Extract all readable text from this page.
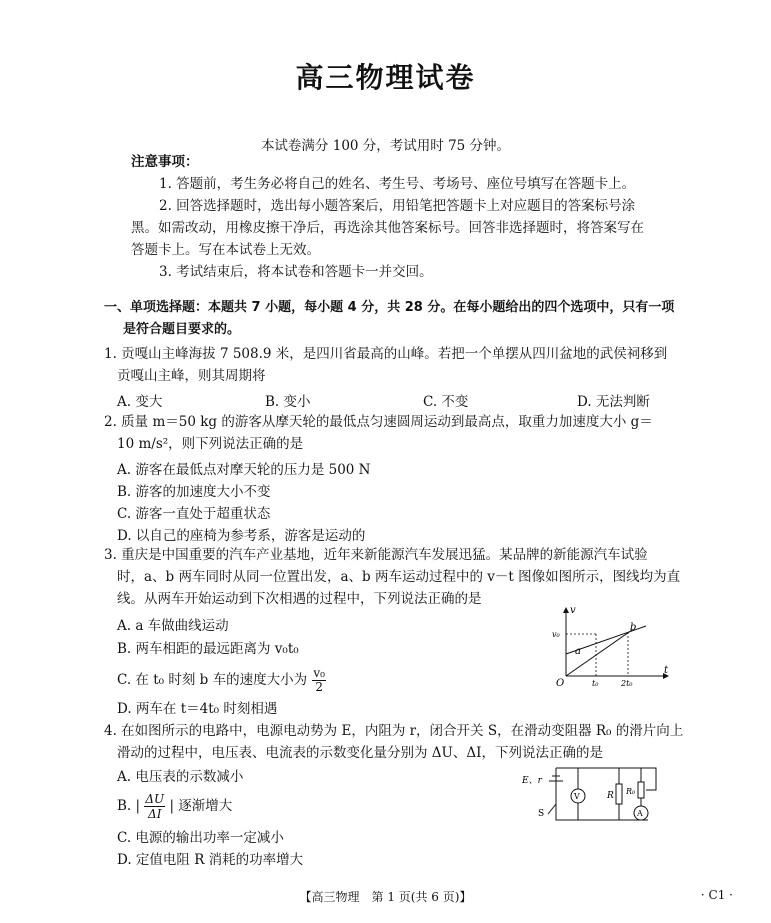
高三物理试卷
本试卷满分 100 分，考试用时 75 分钟。
注意事项：
1. 答题前，考生务必将自己的姓名、考生号、考场号、座位号填写在答题卡上。
2. 回答选择题时，选出每小题答案后，用铅笔把答题卡上对应题目的答案标号涂
黑。如需改动，用橡皮擦干净后，再选涂其他答案标号。回答非选择题时，将答案写在
答题卡上。写在本试卷上无效。
3. 考试结束后，将本试卷和答题卡一并交回。
一、单项选择题：本题共 7 小题，每小题 4 分，共 28 分。在每小题给出的四个选项中，只有一项
是符合题目要求的。
1. 贡嘎山主峰海拔 7 508.9 米，是四川省最高的山峰。若把一个单摆从四川盆地的武侯祠移到
贡嘎山主峰，则其周期将
A. 变大	B. 变小	C. 不变	D. 无法判断
2. 质量 m＝50 kg 的游客从摩天轮的最低点匀速圆周运动到最高点，取重力加速度大小 g＝
10 m/s²，则下列说法正确的是
A. 游客在最低点对摩天轮的压力是 500 N
B. 游客的加速度大小不变
C. 游客一直处于超重状态
D. 以自己的座椅为参考系，游客是运动的
3. 重庆是中国重要的汽车产业基地，近年来新能源汽车发展迅猛。某品牌的新能源汽车试验
时，a、b 两车同时从同一位置出发，a、b 两车运动过程中的 v－t 图像如图所示，图线均为直
线。从两车开始运动到下次相遇的过程中，下列说法正确的是
A. a 车做曲线运动
B. 两车相距的最远距离为 v₀t₀
C. 在 t₀ 时刻 b 车的速度大小为 $\frac{\text{v₀}}{2}$
D. 两车在 t＝4t₀ 时刻相遇
v
t
O
v₀
t₀	2t₀
a
b
4. 在如图所示的电路中，电源电动势为 E，内阻为 r，闭合开关 S，在滑动变阻器 R₀ 的滑片向上
滑动的过程中，电压表、电流表的示数变化量分别为 ΔU、ΔI，下列说法正确的是
A. 电压表的示数减小
B. | $\frac{\Delta U}{\Delta I}$ | 逐渐增大
C. 电源的输出功率一定减小
D. 定值电阻 R 消耗的功率增大
E、r
S
V	R R₀
A
【高三物理　第 1 页(共 6 页)】	· C1 ·
